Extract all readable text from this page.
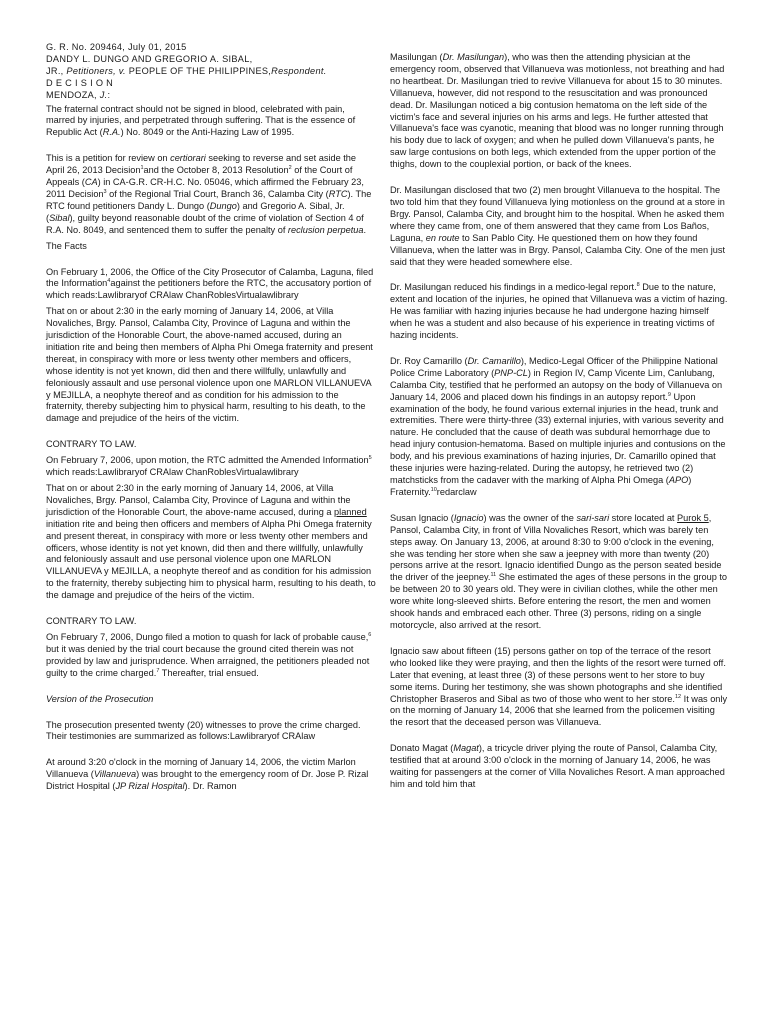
G. R. No. 209464, July 01, 2015

DANDY L. DUNGO AND GREGORIO A. SIBAL,

JR., Petitioners, v. PEOPLE OF THE PHILIPPINES,Respondent.

DECISION

MENDOZA, J.:

The fraternal contract should not be signed in blood, celebrated with pain, marred by injuries, and perpetrated through suffering. That is the essence of Republic Act (R.A.) No. 8049 or the Anti-Hazing Law of 1995.

This is a petition for review on certiorari seeking to reverse and set aside the April 26, 2013 Decision$^1$and the October 8, 2013 Resolution$^2$ of the Court of Appeals (CA) in CA-G.R. CR-H.C. No. 05046, which affirmed the February 23, 2011 Decision$^3$ of the Regional Trial Court, Branch 36, Calamba City (RTC). The RTC found petitioners Dandy L. Dungo (Dungo) and Gregorio A. Sibal, Jr. (Sibal), guilty beyond reasonable doubt of the crime of violation of Section 4 of R.A. No. 8049, and sentenced them to suffer the penalty of reclusion perpetua.

The Facts

On February 1, 2006, the Office of the City Prosecutor of Calamba, Laguna, filed the Information$^4$against the petitioners before the RTC, the accusatory portion of which reads:Lawlibraryof CRAlaw ChanRoblesVirtualawlibrary

That on or about 2:30 in the early morning of January 14, 2006, at Villa Novaliches, Brgy. Pansol, Calamba City, Province of Laguna and within the jurisdiction of the Honorable Court, the above-named accused, during an initiation rite and being then members of Alpha Phi Omega fraternity and present thereat, in conspiracy with more or less twenty other members and officers, whose identity is not yet known, did then and there willfully, unlawfully and feloniously assault and use personal violence upon one MARLON VILLANUEVA y MEJILLA, a neophyte thereof and as condition for his admission to the fraternity, thereby subjecting him to physical harm, resulting to his death, to the damage and prejudice of the heirs of the victim.

CONTRARY TO LAW.

On February 7, 2006, upon motion, the RTC admitted the Amended Information$^5$ which reads:Lawlibraryof CRAlaw ChanRoblesVirtualawlibrary

That on or about 2:30 in the early morning of January 14, 2006, at Villa Novaliches, Brgy. Pansol, Calamba City, Province of Laguna and within the jurisdiction of the Honorable Court, the above-name accused, during a planned initiation rite and being then officers and members of Alpha Phi Omega fraternity and present thereat, in conspiracy with more or less twenty other members and officers, whose identity is not yet known, did then and there willfully, unlawfully and feloniously assault and use personal violence upon one MARLON VILLANUEVA y MEJILLA, a neophyte thereof and as condition for his admission to the fraternity, thereby subjecting him to physical harm, resulting to his death, to the damage and prejudice of the heirs of the victim.

CONTRARY TO LAW.

On February 7, 2006, Dungo filed a motion to quash for lack of probable cause,$^6$ but it was denied by the trial court because the ground cited therein was not provided by law and jurisprudence. When arraigned, the petitioners pleaded not guilty to the crime charged.$^7$ Thereafter, trial ensued.

Version of the Prosecution

The prosecution presented twenty (20) witnesses to prove the crime charged. Their testimonies are summarized as follows:Lawlibraryof CRAlaw

At around 3:20 o'clock in the morning of January 14, 2006, the victim Marlon Villanueva (Villanueva) was brought to the emergency room of Dr. Jose P. Rizal District Hospital (JP Rizal Hospital). Dr. Ramon

Masilungan (Dr. Masilungan), who was then the attending physician at the emergency room, observed that Villanueva was motionless, not breathing and had no heartbeat. Dr. Masilungan tried to revive Villanueva for about 15 to 30 minutes. Villanueva, however, did not respond to the resuscitation and was pronounced dead. Dr. Masilungan noticed a big contusion hematoma on the left side of the victim's face and several injuries on his arms and legs. He further attested that Villanueva's face was cyanotic, meaning that blood was no longer running through his body due to lack of oxygen; and when he pulled down Villanueva's pants, he saw large contusions on both legs, which extended from the upper portion of the thighs, down to the couplexial portion, or back of the knees.

Dr. Masilungan disclosed that two (2) men brought Villanueva to the hospital. The two told him that they found Villanueva lying motionless on the ground at a store in Brgy. Pansol, Calamba City, and brought him to the hospital. When he asked them where they came from, one of them answered that they came from Los Baños, Laguna, en route to San Pablo City. He questioned them on how they found Villanueva, when the latter was in Brgy. Pansol, Calamba City. One of the men just said that they were headed somewhere else.

Dr. Masilungan reduced his findings in a medico-legal report.$^8$ Due to the nature, extent and location of the injuries, he opined that Villanueva was a victim of hazing. He was familiar with hazing injuries because he had undergone hazing himself when he was a student and also because of his experience in treating victims of hazing incidents.

Dr. Roy Camarillo (Dr. Camarillo), Medico-Legal Officer of the Philippine National Police Crime Laboratory (PNP-CL) in Region IV, Camp Vicente Lim, Canlubang, Calamba City, testified that he performed an autopsy on the body of Villanueva on January 14, 2006 and placed down his findings in an autopsy report.$^9$ Upon examination of the body, he found various external injuries in the head, trunk and extremities. There were thirty-three (33) external injuries, with various severity and nature. He concluded that the cause of death was subdural hemorrhage due to head injury contusion-hematoma. Based on multiple injuries and contusions on the body, and his previous examinations of hazing injuries, Dr. Camarillo opined that these injuries were hazing-related. During the autopsy, he retrieved two (2) matchsticks from the cadaver with the marking of Alpha Phi Omega (APO) Fraternity.$^{10}$redarclaw

Susan Ignacio (Ignacio) was the owner of the sari-sari store located at Purok 5, Pansol, Calamba City, in front of Villa Novaliches Resort, which was barely ten steps away. On January 13, 2006, at around 8:30 to 9:00 o'clock in the evening, she was tending her store when she saw a jeepney with more than twenty (20) persons arrive at the resort. Ignacio identified Dungo as the person seated beside the driver of the jeepney.$^{11}$ She estimated the ages of these persons in the group to be between 20 to 30 years old. They were in civilian clothes, while the other men wore white long-sleeved shirts. Before entering the resort, the men and women shook hands and embraced each other. Three (3) persons, riding on a single motorcycle, also arrived at the resort.

Ignacio saw about fifteen (15) persons gather on top of the terrace of the resort who looked like they were praying, and then the lights of the resort were turned off. Later that evening, at least three (3) of these persons went to her store to buy some items. During her testimony, she was shown photographs and she identified Christopher Braseros and Sibal as two of those who went to her store.$^{12}$ It was only on the morning of January 14, 2006 that she learned from the policemen visiting the resort that the deceased person was Villanueva.

Donato Magat (Magat), a tricycle driver plying the route of Pansol, Calamba City, testified that at around 3:00 o'clock in the morning of January 14, 2006, he was waiting for passengers at the corner of Villa Novaliches Resort. A man approached him and told him that
